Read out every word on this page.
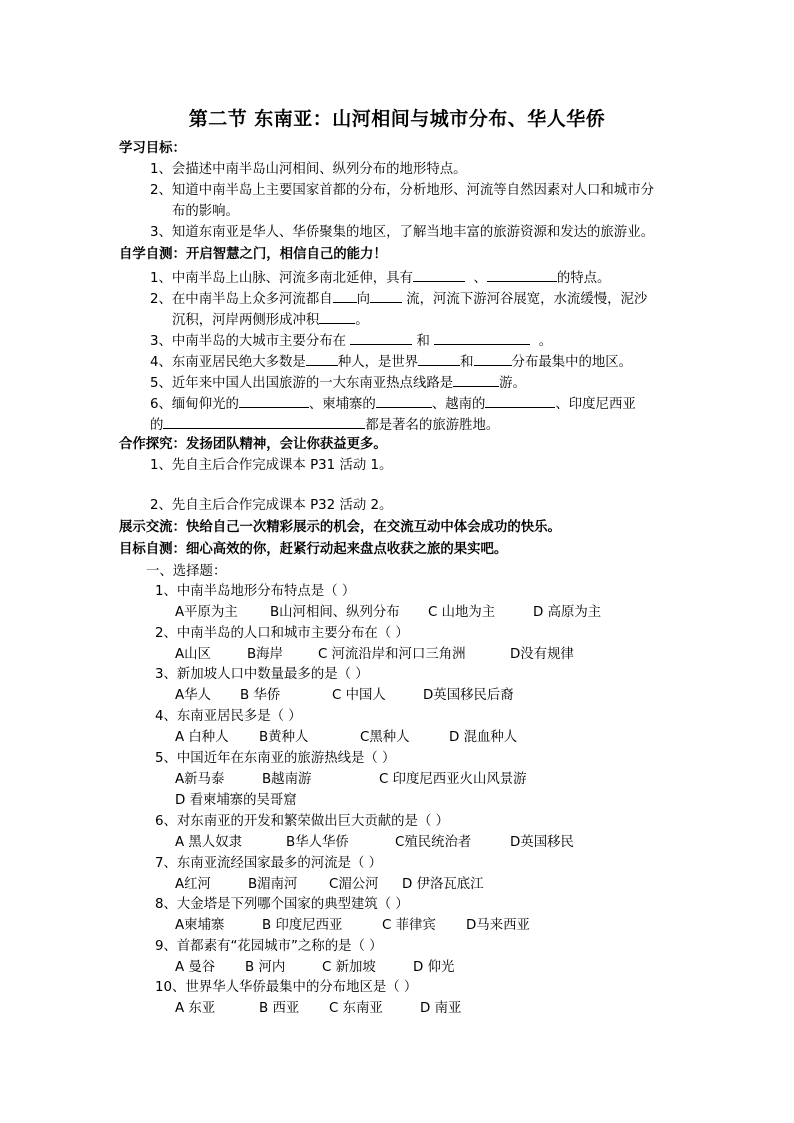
第二节 东南亚：山河相间与城市分布、华人华侨
学习目标：
1、会描述中南半岛山河相间、纵列分布的地形特点。
2、知道中南半岛上主要国家首都的分布，分析地形、河流等自然因素对人口和城市分
布的影响。
3、知道东南亚是华人、华侨聚集的地区，了解当地丰富的旅游资源和发达的旅游业。
自学自测：开启智慧之门，相信自己的能力！
1、中南半岛上山脉、河流多南北延伸，具有	、	的特点。
2、在中南半岛上众多河流都自 向	流，河流下游河谷展宽，水流缓慢，泥沙
沉积，河岸两侧形成冲积	。
3、中南半岛的大城市主要分布在	和	。
4、东南亚居民绝大多数是 种人，是世界	和	分布最集中的地区。
5、近年来中国人出国旅游的一大东南亚热点线路是	游。
6、缅甸仰光的	、柬埔寨的	、越南的	、印度尼西亚
的	都是著名的旅游胜地。
合作探究：发扬团队精神，会让你获益更多。
1、先自主后合作完成课本 P31 活动 1。
2、先自主后合作完成课本 P32 活动 2。
展示交流：快给自己一次精彩展示的机会，在交流互动中体会成功的快乐。
目标自测：细心高效的你，赶紧行动起来盘点收获之旅的果实吧。
一、选择题：
1、中南半岛地形分布特点是（ ）
A平原为主 B山河相间、纵列分布 C 山地为主	D 高原为主
2、中南半岛的人口和城市主要分布在（ ）
A山区	B海岸	C 河流沿岸和河口三角洲	D没有规律
3、新加坡人口中数量最多的是（ ）
A华人 B 华侨	C 中国人	D英国移民后裔
4、东南亚居民多是（ ）
A 白种人 B黄种人	C黑种人	D 混血种人
5、中国近年在东南亚的旅游热线是（ ）
A新马泰	B越南游	C 印度尼西亚火山风景游
D 看柬埔寨的吴哥窟
6、对东南亚的开发和繁荣做出巨大贡献的是（ ）
A 黑人奴隶	B华人华侨	C殖民统治者	D英国移民
7、东南亚流经国家最多的河流是（ ）
A红河	B湄南河 C湄公河 D 伊洛瓦底江
8、大金塔是下列哪个国家的典型建筑（ ）
A柬埔寨	B 印度尼西亚	C 菲律宾 D马来西亚
9、首都素有“花园城市”之称的是（ ）
A 曼谷 B 河内	C 新加坡	D 仰光
10、世界华人华侨最集中的分布地区是（ ）
A 东亚	B 西亚 C 东南亚	D 南亚
